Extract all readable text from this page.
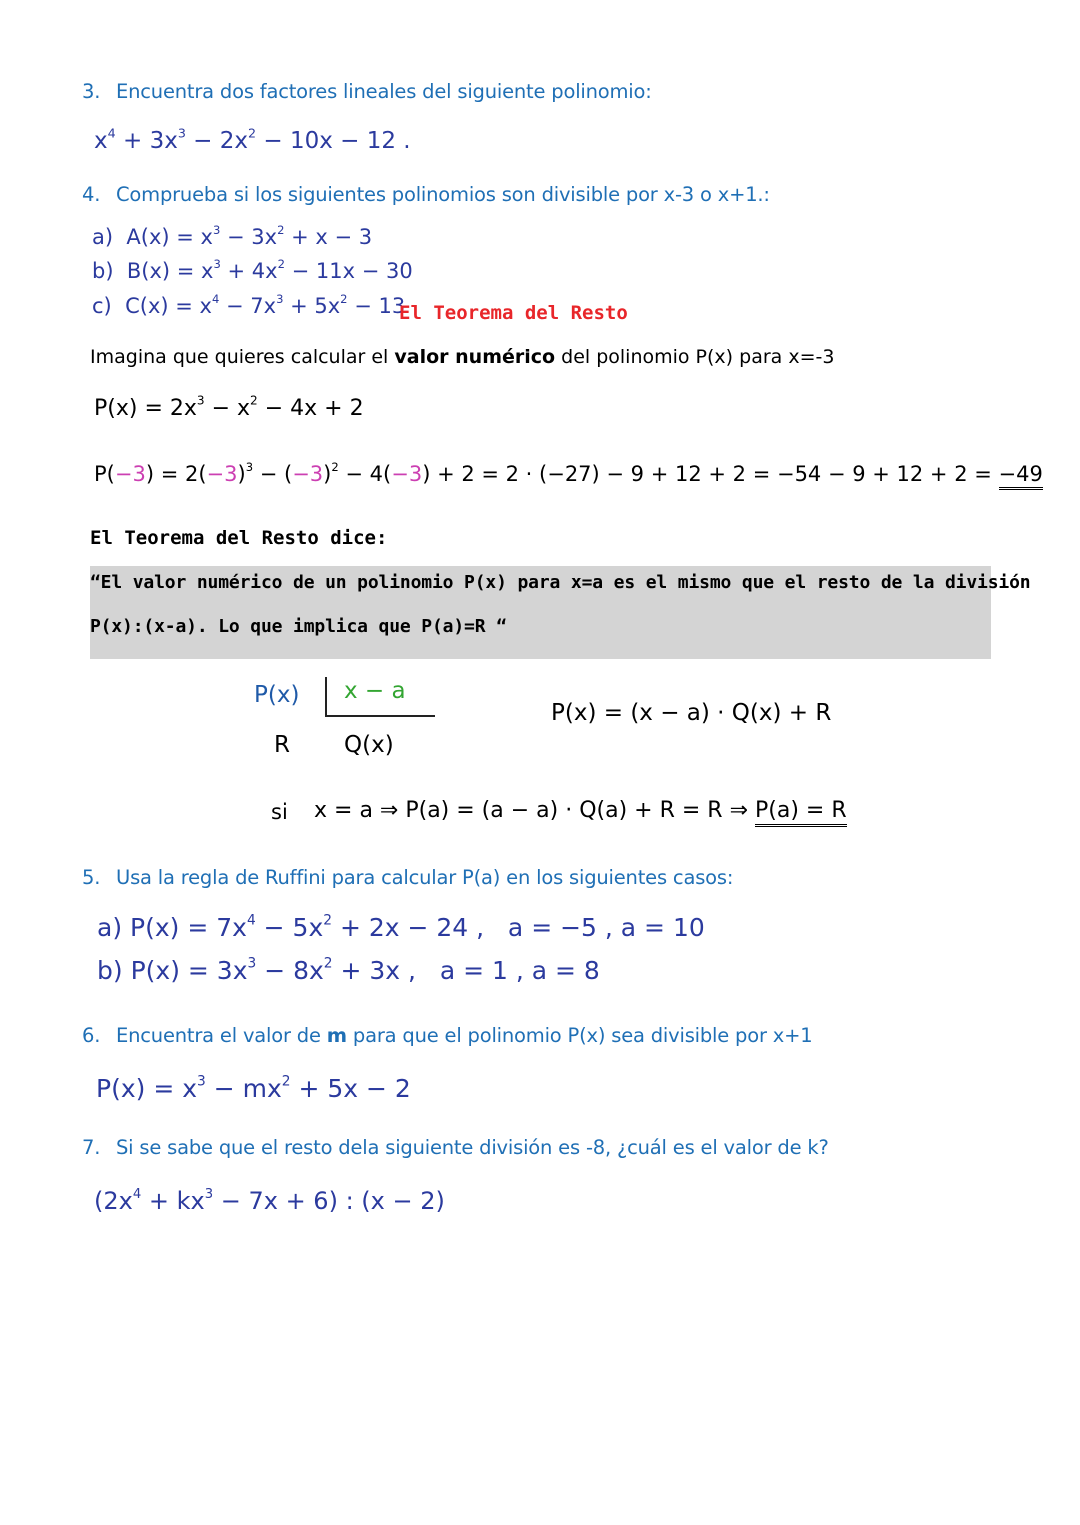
3. Encuentra dos factores lineales del siguiente polinomio:
$x^4 + 3x^3 - 2x^2 - 10x - 12$ .
4. Comprueba si los siguientes polinomios son divisible por x-3 o x+1.:
a)  $A(x) = x^3 - 3x^2 + x - 3$
b)  $B(x) = x^3 + 4x^2 - 11x - 30$
c)  $C(x) = x^4 - 7x^3 + 5x^2 - 13$
El Teorema del Resto
Imagina que quieres calcular el valor numérico del polinomio P(x) para x=-3
$P(x) = 2x^3 - x^2 - 4x + 2$
$P(-3) = 2(-3)^3 - (-3)^2 - 4(-3) + 2 = 2 \cdot (-27) - 9 + 12 + 2 = -54 - 9 + 12 + 2 = -49$
El Teorema del Resto dice:
“El valor numérico de un polinomio P(x) para x=a es el mismo que el resto de la división
P(x):(x-a). Lo que implica que P(a)=R “
P(x) x − a
R Q(x)
P(x) = (x − a) · Q(x) + R
si x = a ⇒ P(a) = (a − a) · Q(a) + R = R ⇒ P(a) = R
5. Usa la regla de Ruffini para calcular P(a) en los siguientes casos:
a) $P(x) = 7x^4 - 5x^2 + 2x - 24$ ,   a = −5 , a = 10
b) $P(x) = 3x^3 - 8x^2 + 3x$ ,   a = 1 , a = 8
6. Encuentra el valor de m para que el polinomio P(x) sea divisible por x+1
$P(x) = x^3 - mx^2 + 5x - 2$
7. Si se sabe que el resto dela siguiente división es -8, ¿cuál es el valor de k?
$(2x^4 + kx^3 - 7x + 6)$ : (x − 2)
